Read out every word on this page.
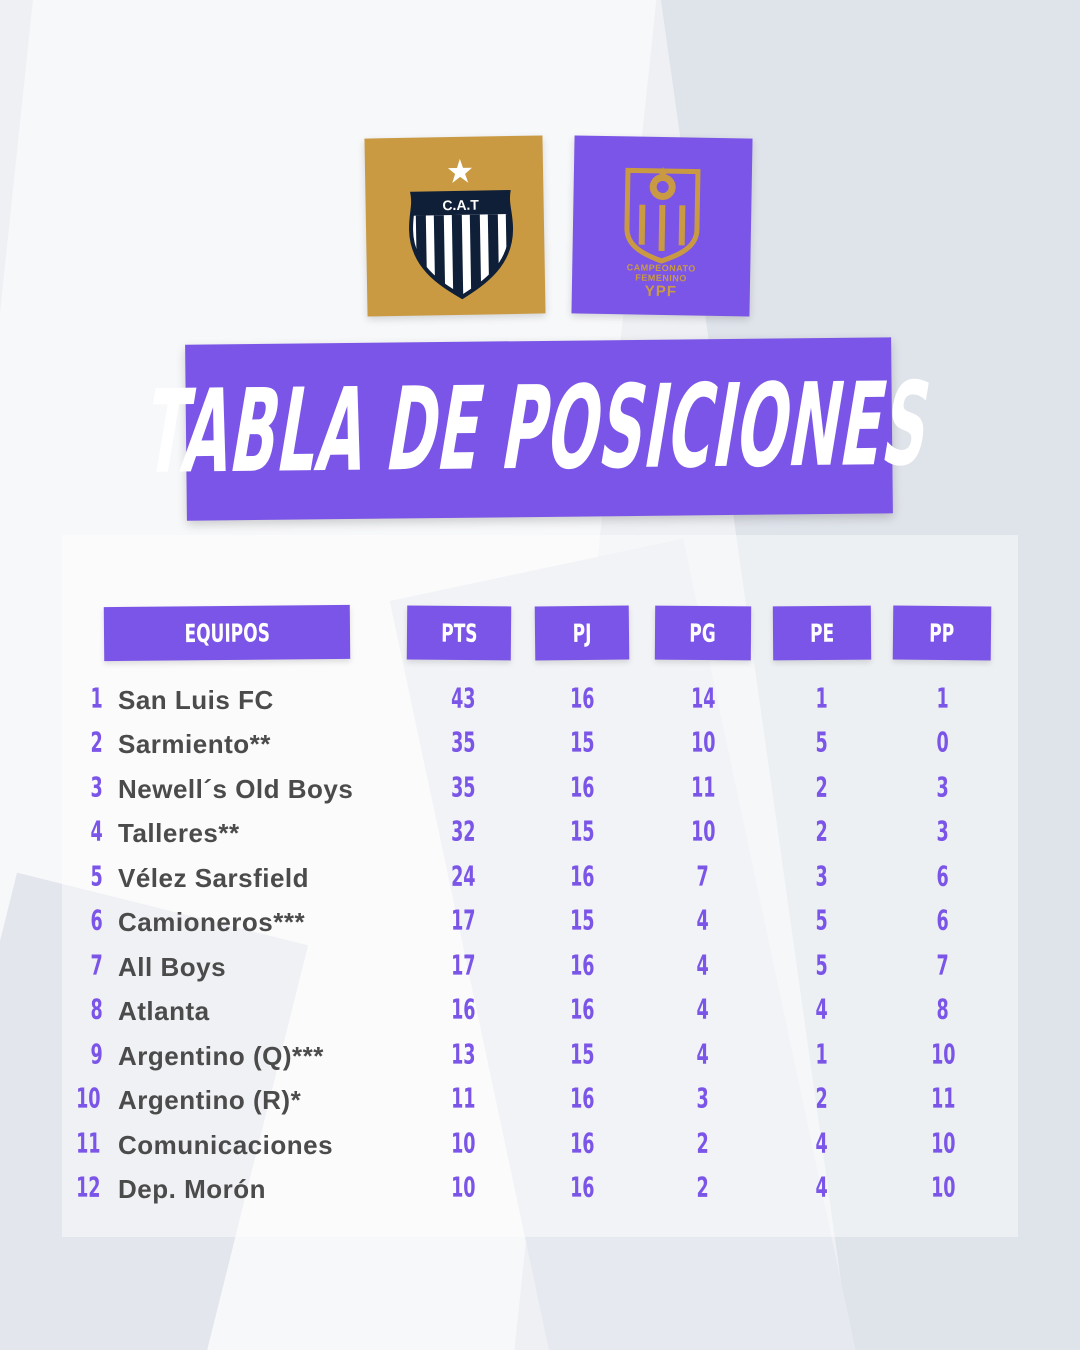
C.A.T
CAMPEONATO
FEMENINO
YPF
TABLA DE POSICIONES
EQUIPOS	PTS	PJ	PG	PE	PP
1 San Luis FC	43	16	14	1	1
2 Sarmiento**	35	15	10	5	0
3 Newell´s Old Boys	35	16	11	2	3
4 Talleres**	32	15	10	2	3
5 Vélez Sarsfield	24	16	7	3	6
6 Camioneros***	17	15	4	5	6
7 All Boys	17	16	4	5	7
8 Atlanta	16	16	4	4	8
9 Argentino (Q)***	13	15	4	1	10
10 Argentino (R)*	11	16	3	2	11
11 Comunicaciones	10	16	2	4	10
12 Dep. Morón	10	16	2	4	10
